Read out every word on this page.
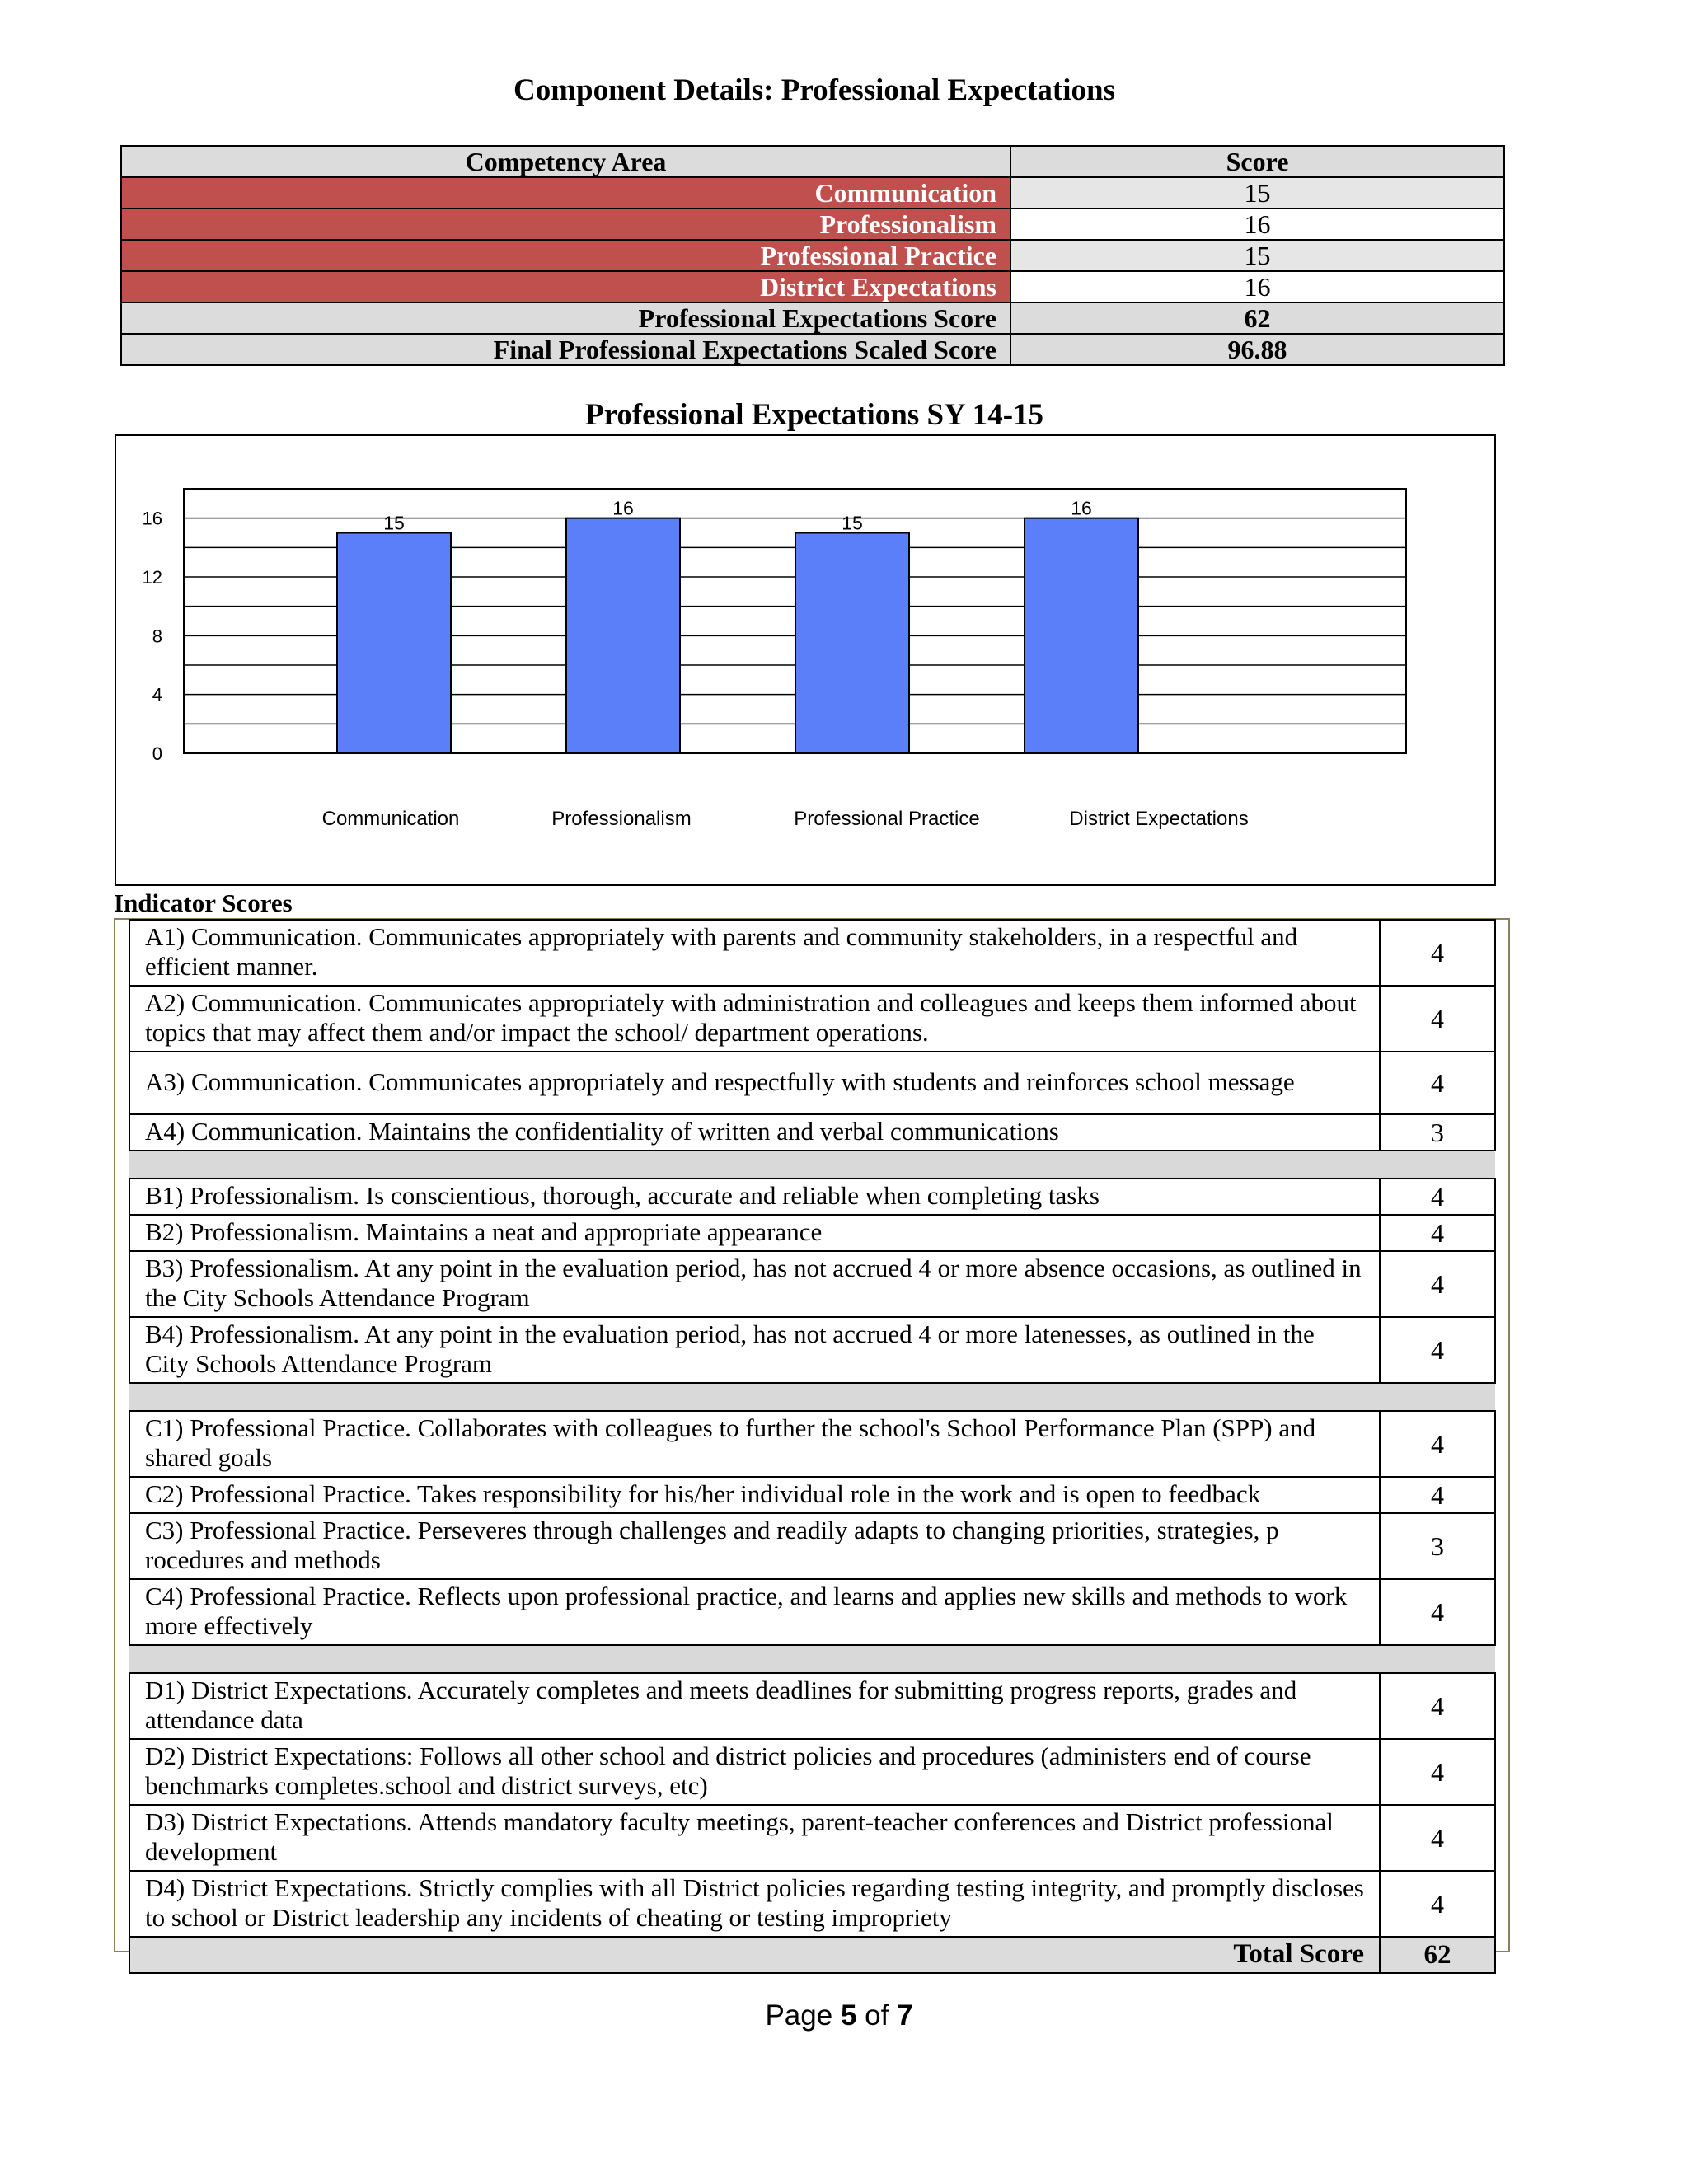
Component Details: Professional Expectations
Competency Area	Score
Communication	15
Professionalism	16
Professional Practice	15
District Expectations	16
Professional Expectations Score	62
Final Professional Expectations Scaled Score	96.88
Professional Expectations SY 14-15
0
4
8
12
16	15
Communication
16
Professionalism
15
Professional Practice
16
District Expectations
Indicator Scores
A1) Communication. Communicates appropriately with parents and community stakeholders, in a respectful and efficient manner.	4
A2) Communication. Communicates appropriately with administration and colleagues and keeps them informed about topics that may affect them and/or impact the school/ department operations.	4
A3) Communication. Communicates appropriately and respectfully with students and reinforces school message	4
A4) Communication. Maintains the confidentiality of written and verbal communications	3

B1) Professionalism. Is conscientious, thorough, accurate and reliable when completing tasks	4
B2) Professionalism. Maintains a neat and appropriate appearance	4
B3) Professionalism. At any point in the evaluation period, has not accrued 4 or more absence occasions, as outlined in the City Schools Attendance Program	4
B4) Professionalism. At any point in the evaluation period, has not accrued 4 or more latenesses, as outlined in the City Schools Attendance Program	4

C1) Professional Practice. Collaborates with colleagues to further the school's School Performance Plan (SPP) and shared goals	4
C2) Professional Practice. Takes responsibility for his/her individual role in the work and is open to feedback	4
C3) Professional Practice. Perseveres through challenges and readily adapts to changing priorities, strategies, p rocedures and methods	3
C4) Professional Practice. Reflects upon professional practice, and learns and applies new skills and methods to work more effectively	4

D1) District Expectations. Accurately completes and meets deadlines for submitting progress reports, grades and attendance data	4
D2) District Expectations: Follows all other school and district policies and procedures (administers end of course benchmarks completes.school and district surveys, etc)	4
D3) District Expectations. Attends mandatory faculty meetings, parent-teacher conferences and District professional development	4
D4) District Expectations. Strictly complies with all District policies regarding testing integrity, and promptly discloses to school or District leadership any incidents of cheating or testing impropriety	4
Total Score	62
Page 5 of 7
